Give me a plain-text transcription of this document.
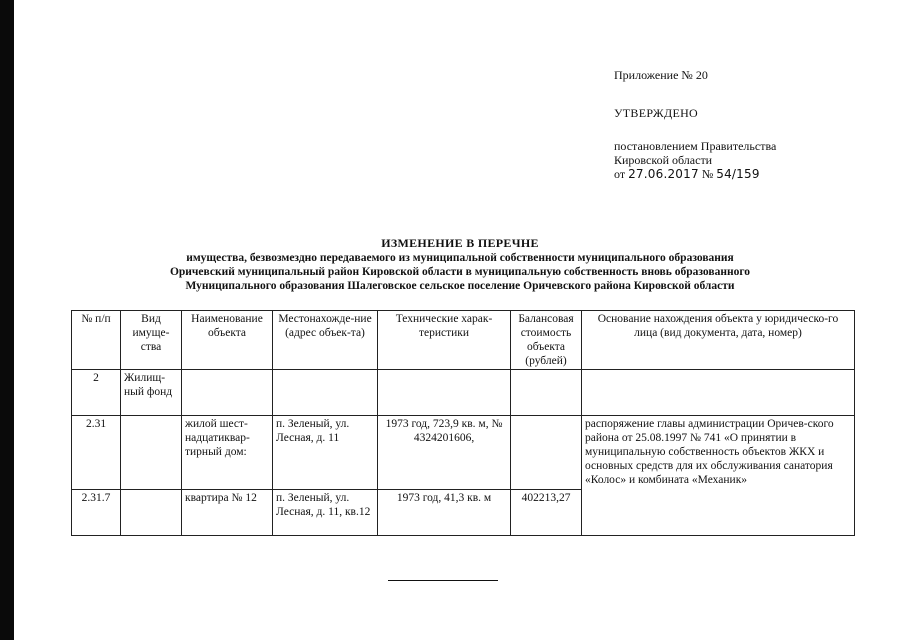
Приложение № 20
УТВЕРЖДЕНО
постановлением Правительства
Кировской области
от 27.06.2017 № 54/159
ИЗМЕНЕНИЕ В ПЕРЕЧНЕ
имущества, безвозмездно передаваемого из муниципальной собственности муниципального образования
Оричевский муниципальный район Кировской области в муниципальную собственность вновь образованного
Муниципального образования Шалеговское сельское поселение Оричевского района Кировской области
№ п/п	Вид имуще-ства	Наименование объекта	Местонахожде-ние (адрес объек-та)	Технические харак-теристики	Балансовая стоимость объекта (рублей)	Основание нахождения объекта у юридическо-го лица (вид документа, дата, номер)
2	Жилищ-ный фонд					
2.31		жилой шест-надцатиквар-тирный дом:	п. Зеленый, ул. Лесная, д. 11	1973 год, 723,9 кв. м, № 4324201606,		распоряжение главы администрации Оричев-ского района от 25.08.1997 № 741 «О принятии в муниципальную собственность объектов ЖКХ и основных средств для их обслуживания санатория «Колос» и комбината «Механик»
2.31.7		квартира № 12	п. Зеленый, ул. Лесная, д. 11, кв.12	1973 год, 41,3 кв. м	402213,27	
